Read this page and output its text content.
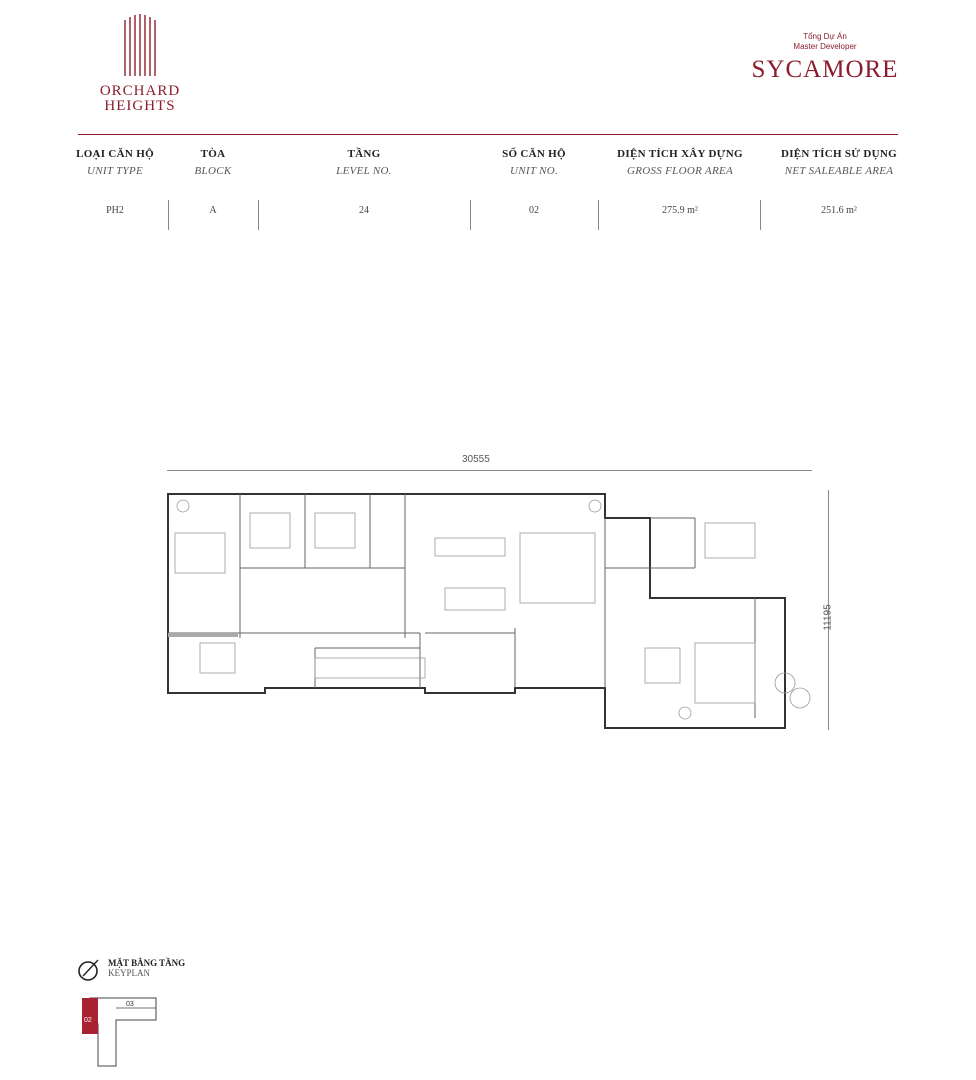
ORCHARD
HEIGHTS
Tổng Dự Án
Master Developer
SYCAMORE
LOẠI CĂN HỘ
UNIT TYPE
PH2
TÒA
BLOCK
A
TẦNG
LEVEL NO.
24
SỐ CĂN HỘ
UNIT NO.
02
DIỆN TÍCH XÂY DỰNG
GROSS FLOOR AREA
275.9 m²
DIỆN TÍCH SỬ DỤNG
NET SALEABLE AREA
251.6 m²
30555
11195
MẶT BẰNG TẦNG
KEYPLAN
02
03
